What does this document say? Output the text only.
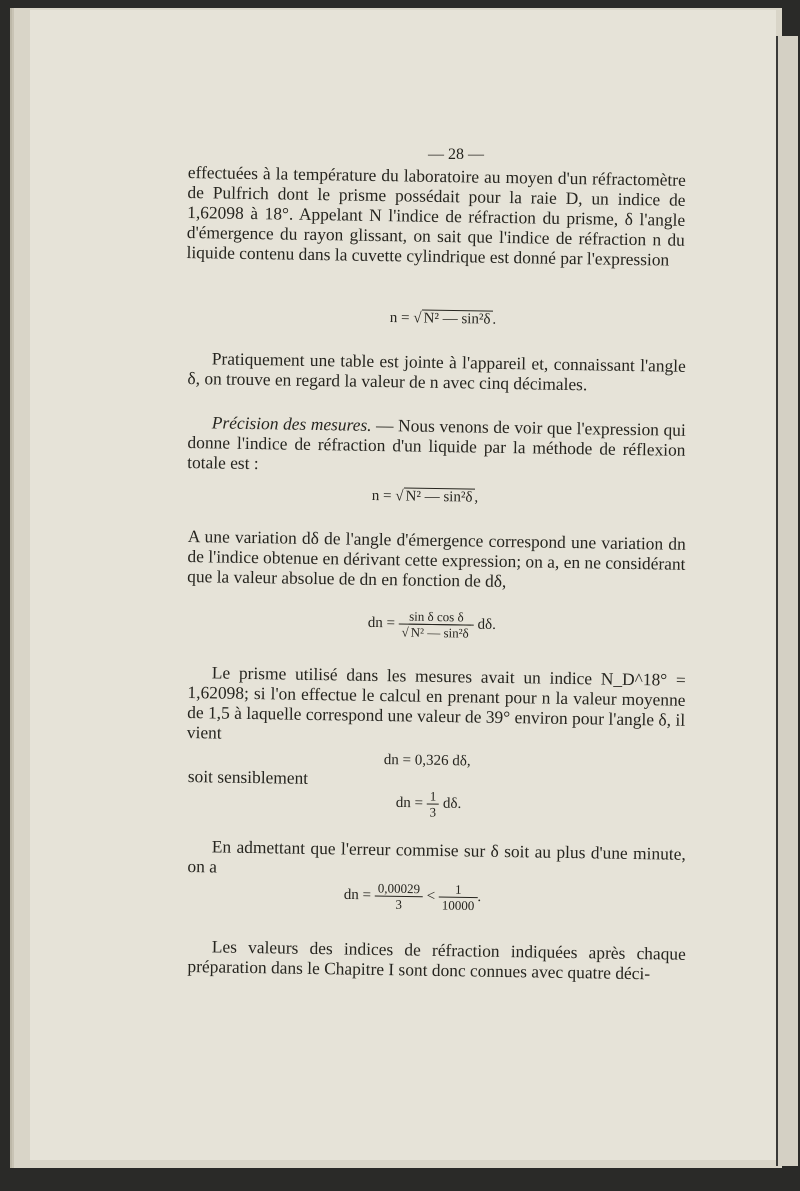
— 28 —

effectuées à la température du laboratoire au moyen d'un réfractomètre de Pulfrich dont le prisme possédait pour la raie D, un indice de 1,62098 à 18°. Appelant N l'indice de réfraction du prisme, δ l'angle d'émergence du rayon glissant, on sait que l'indice de réfraction n du liquide contenu dans la cuvette cylindrique est donné par l'expression

n = √ N² — sin²δ .

Pratiquement une table est jointe à l'appareil et, connaissant l'angle δ, on trouve en regard la valeur de n avec cinq décimales.

Précision des mesures. — Nous venons de voir que l'expression qui donne l'indice de réfraction d'un liquide par la méthode de réflexion totale est :

n = √ N² — sin²δ ,

A une variation dδ de l'angle d'émergence correspond une variation dn de l'indice obtenue en dérivant cette expression; on a, en ne considérant que la valeur absolue de dn en fonction de dδ,

dn = $\frac{\text{sin δ cos δ}}{\text{√ N² — sin²δ}} d\delta$.

Le prisme utilisé dans les mesures avait un indice N_D^18° = 1,62098; si l'on effectue le calcul en prenant pour n la valeur moyenne de 1,5 à laquelle correspond une valeur de 39° environ pour l'angle δ, il vient

dn = 0,326 dδ,

soit sensiblement

dn = $\frac{1}{3} d\delta$.

En admettant que l'erreur commise sur δ soit au plus d'une minute, on a

dn = $\frac{0,00029}{3} < \frac{1}{10000}$ .

Les valeurs des indices de réfraction indiquées après chaque préparation dans le Chapitre I sont donc connues avec quatre déci-
